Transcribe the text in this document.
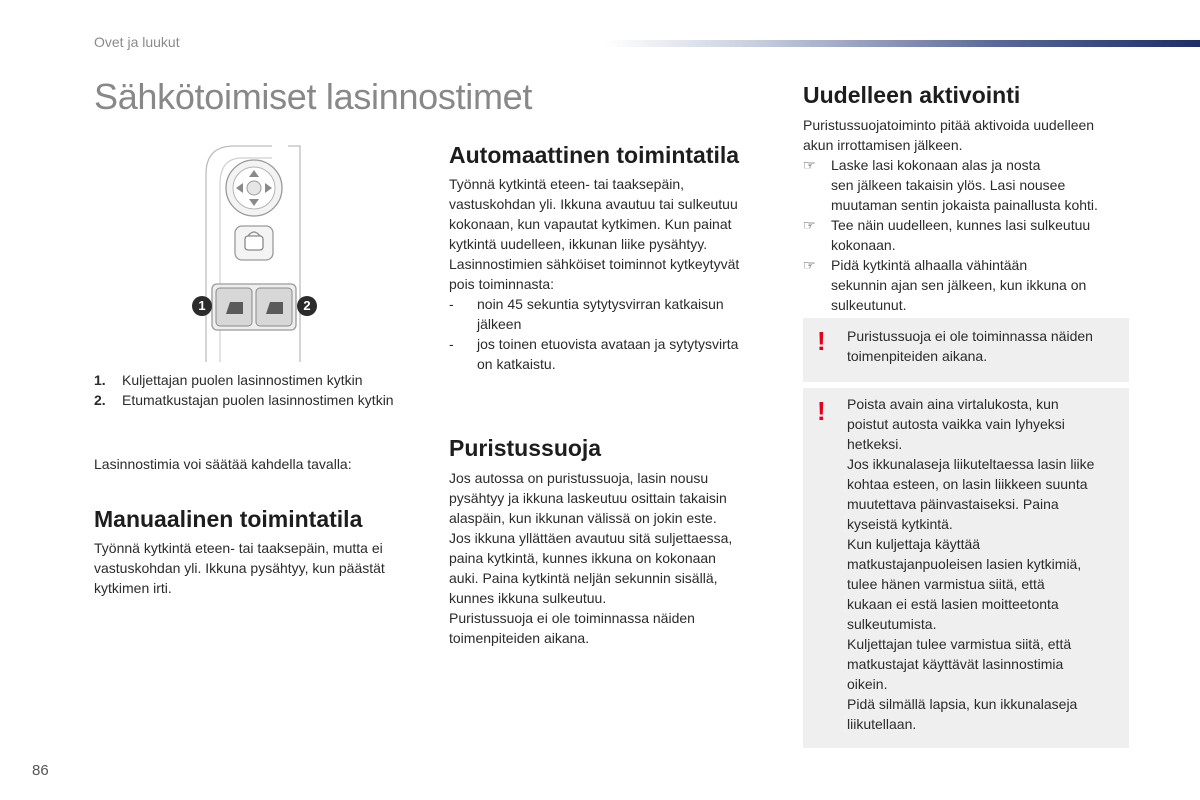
Ovet ja luukut
Sähkötoimiset lasinnostimet
1	2
1. Kuljettajan puolen lasinnostimen kytkin
2. Etumatkustajan puolen lasinnostimen kytkin
Lasinnostimia voi säätää kahdella tavalla:
Manuaalinen toimintatila

Työnnä kytkintä eteen- tai taaksepäin, mutta ei

vastuskohdan yli. Ikkuna pysähtyy, kun päästät

kytkimen irti.

Automaattinen toimintatila

Työnnä kytkintä eteen- tai taaksepäin,

vastuskohdan yli. Ikkuna avautuu tai sulkeutuu

kokonaan, kun vapautat kytkimen. Kun painat

kytkintä uudelleen, ikkunan liike pysähtyy.

Lasinnostimien sähköiset toiminnot kytkeytyvät

pois toiminnasta:

- noin 45 sekuntia sytytysvirran katkaisun

jälkeen

- jos toinen etuovista avataan ja sytytysvirta

on katkaistu.

Puristussuoja

Jos autossa on puristussuoja, lasin nousu

pysähtyy ja ikkuna laskeutuu osittain takaisin

alaspäin, kun ikkunan välissä on jokin este.

Jos ikkuna yllättäen avautuu sitä suljettaessa,

paina kytkintä, kunnes ikkuna on kokonaan

auki. Paina kytkintä neljän sekunnin sisällä,

kunnes ikkuna sulkeutuu.

Puristussuoja ei ole toiminnassa näiden

toimenpiteiden aikana.

Uudelleen aktivointi

Puristussuojatoiminto pitää aktivoida uudelleen

akun irrottamisen jälkeen.

☞ Laske lasi kokonaan alas ja nosta

sen jälkeen takaisin ylös. Lasi nousee

muutaman sentin jokaista painallusta kohti.

☞ Tee näin uudelleen, kunnes lasi sulkeutuu

kokonaan.

☞ Pidä kytkintä alhaalla vähintään

sekunnin ajan sen jälkeen, kun ikkuna on

sulkeutunut.

! Puristussuoja ei ole toiminnassa näiden

toimenpiteiden aikana.

! Poista avain aina virtalukosta, kun

poistut autosta vaikka vain lyhyeksi

hetkeksi.

Jos ikkunalaseja liikuteltaessa lasin liike

kohtaa esteen, on lasin liikkeen suunta

muutettava päinvastaiseksi. Paina

kyseistä kytkintä.

Kun kuljettaja käyttää

matkustajanpuoleisen lasien kytkimiä,

tulee hänen varmistua siitä, että

kukaan ei estä lasien moitteetonta

sulkeutumista.

Kuljettajan tulee varmistua siitä, että

matkustajat käyttävät lasinnostimia

oikein.

Pidä silmällä lapsia, kun ikkunalaseja

liikutellaan.

86
